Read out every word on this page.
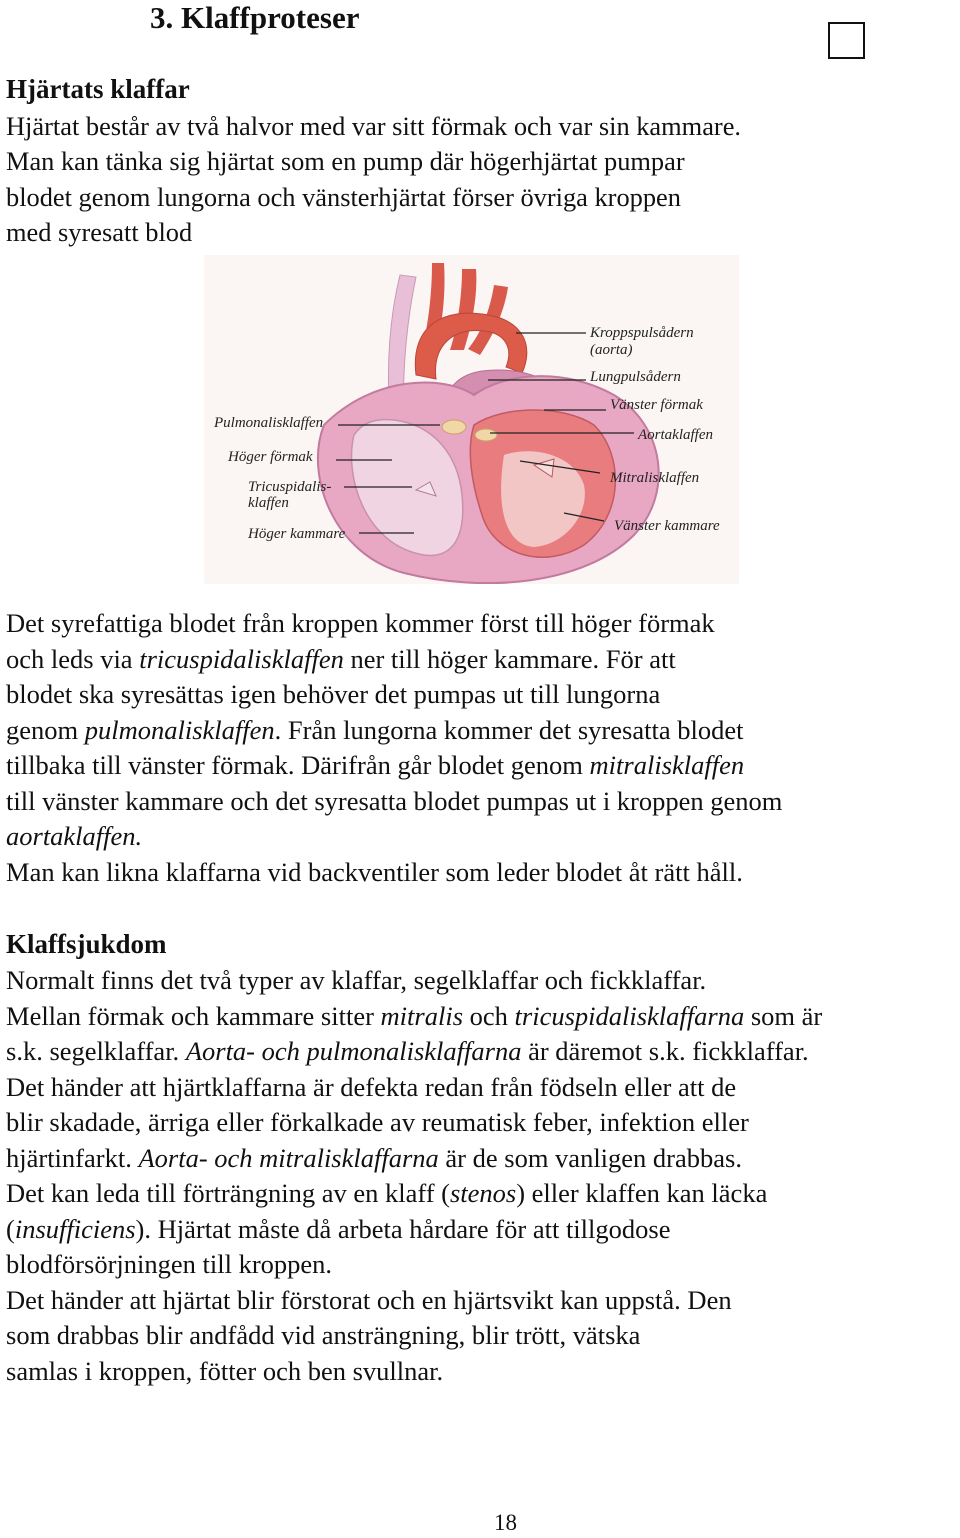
3. Klaffproteser
Hjärtats klaffar
Hjärtat består av två halvor med var sitt förmak och var sin kammare.
Man kan tänka sig hjärtat som en pump där högerhjärtat pumpar
blodet genom lungorna och vänsterhjärtat förser övriga kroppen
med syresatt blod
Kroppspulsådern
(aorta)
Lungpulsådern
Vänster förmak
Aortaklaffen
Mitralisklaffen
Vänster kammare
Pulmonalisklaffen
Höger förmak
Tricuspidalis-
klaffen
Höger kammare
Det syrefattiga blodet från kroppen kommer först till höger förmak
och leds via tricuspidalisklaffen ner till höger kammare. För att
blodet ska syresättas igen behöver det pumpas ut till lungorna
genom pulmonalisklaffen. Från lungorna kommer det syresatta blodet
tillbaka till vänster förmak. Därifrån går blodet genom mitralisklaffen
till vänster kammare och det syresatta blodet pumpas ut i kroppen genom
aortaklaffen.
Man kan likna klaffarna vid backventiler som leder blodet åt rätt håll.
Klaffsjukdom
Normalt finns det två typer av klaffar, segelklaffar och fickklaffar.
Mellan förmak och kammare sitter mitralis och tricuspidalisklaffarna som är
s.k. segelklaffar. Aorta- och pulmonalisklaffarna är däremot s.k. fickklaffar.
Det händer att hjärtklaffarna är defekta redan från födseln eller att de
blir skadade, ärriga eller förkalkade av reumatisk feber, infektion eller
hjärtinfarkt. Aorta- och mitralisklaffarna är de som vanligen drabbas.
Det kan leda till förträngning av en klaff (stenos) eller klaffen kan läcka
(insufficiens). Hjärtat måste då arbeta hårdare för att tillgodose
blodförsörjningen till kroppen.
Det händer att hjärtat blir förstorat och en hjärtsvikt kan uppstå. Den
som drabbas blir andfådd vid ansträngning, blir trött, vätska
samlas i kroppen, fötter och ben svullnar.
18
